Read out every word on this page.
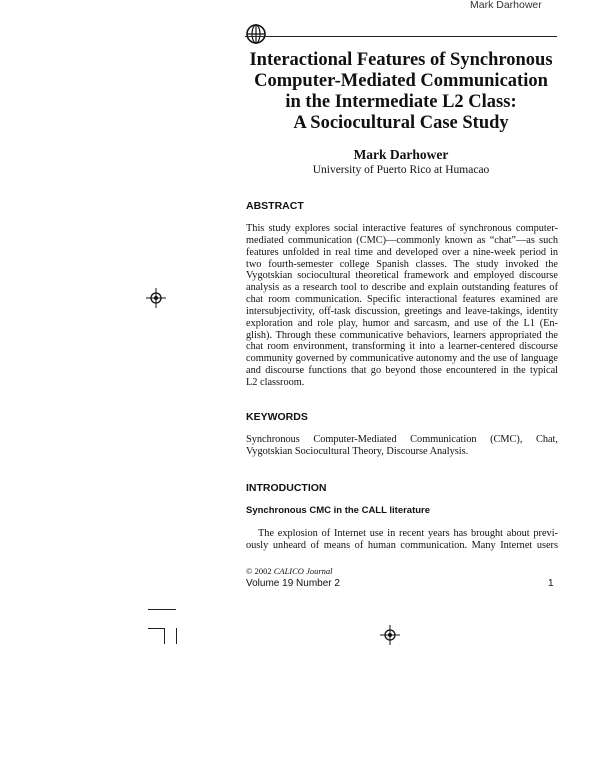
Mark Darhower
Interactional Features of Synchronous
Computer-Mediated Communication
in the Intermediate L2 Class:
A Sociocultural Case Study
Mark Darhower
University of Puerto Rico at Humacao
ABSTRACT
This study explores social interactive features of synchronous computer-
mediated communication (CMC)—commonly known as “chat”—as such
features unfolded in real time and developed over a nine-week period in
two fourth-semester college Spanish classes. The study invoked the
Vygotskian sociocultural theoretical framework and employed discourse
analysis as a research tool to describe and explain outstanding features of
chat room communication. Specific interactional features examined are
intersubjectivity, off-task discussion, greetings and leave-takings, identity
exploration and role play, humor and sarcasm, and use of the L1 (En-
glish). Through these communicative behaviors, learners appropriated the
chat room environment, transforming it into a learner-centered discourse
community governed by communicative autonomy and the use of language
and discourse functions that go beyond those encountered in the typical
L2 classroom.
KEYWORDS
Synchronous Computer-Mediated Communication (CMC), Chat,
Vygotskian Sociocultural Theory, Discourse Analysis.
INTRODUCTION
Synchronous CMC in the CALL literature
The explosion of Internet use in recent years has brought about previ-
ously unheard of means of human communication. Many Internet users
© 2002 CALICO Journal
Volume 19 Number 2	1
